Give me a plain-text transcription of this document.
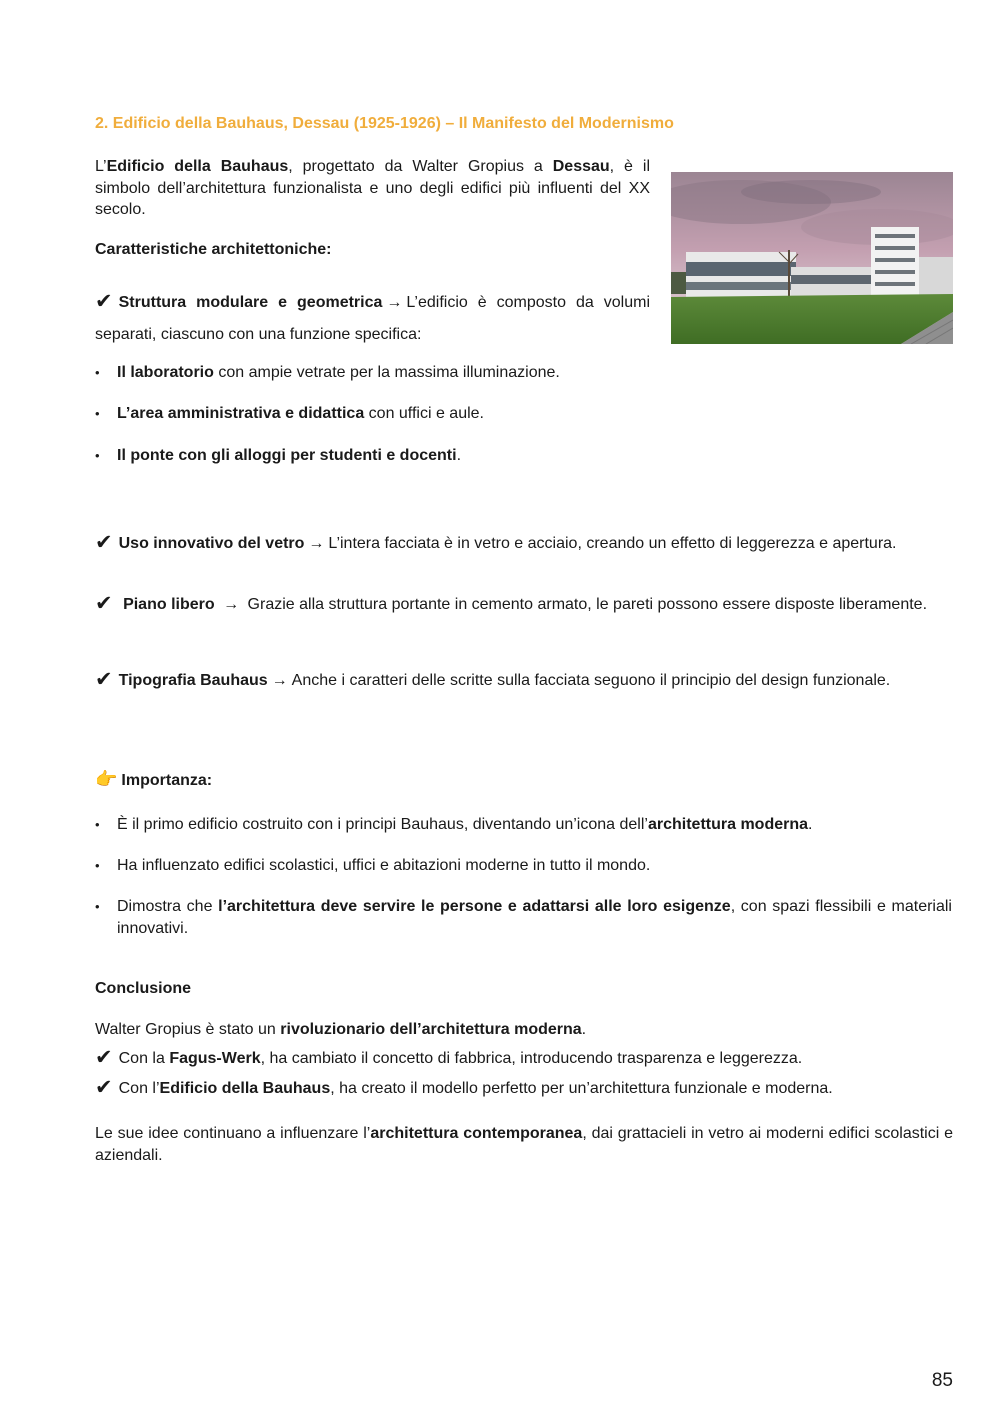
2. Edificio della Bauhaus, Dessau (1925-1926) – Il Manifesto del Modernismo
L’Edificio della Bauhaus, progettato da Walter Gropius a Dessau, è il simbolo dell’architettura funzionalista e uno degli edifici più influenti del XX secolo.
Caratteristiche architettoniche:
✔ Struttura modulare e geometrica → L’edificio è composto da volumi separati, ciascuno con una funzione specifica:
•	Il laboratorio con ampie vetrate per la massima illuminazione.
•	L’area amministrativa e didattica con uffici e aule.
•	Il ponte con gli alloggi per studenti e docenti.
✔ Uso innovativo del vetro → L’intera facciata è in vetro e acciaio, creando un effetto di leggerezza e apertura.
✔ Piano libero → Grazie alla struttura portante in cemento armato, le pareti possono essere disposte liberamente.
✔ Tipografia Bauhaus → Anche i caratteri delle scritte sulla facciata seguono il principio del design funzionale.
👉 Importanza:
•	È il primo edificio costruito con i principi Bauhaus, diventando un’icona dell’architettura moderna.
•	Ha influenzato edifici scolastici, uffici e abitazioni moderne in tutto il mondo.
•	Dimostra che l’architettura deve servire le persone e adattarsi alle loro esigenze, con spazi flessibili e materiali innovativi.
Conclusione
Walter Gropius è stato un rivoluzionario dell’architettura moderna.
✔ Con la Fagus-Werk, ha cambiato il concetto di fabbrica, introducendo trasparenza e leggerezza.
✔ Con l’Edificio della Bauhaus, ha creato il modello perfetto per un’architettura funzionale e moderna.
Le sue idee continuano a influenzare l’architettura contemporanea, dai grattacieli in vetro ai moderni edifici scolastici e aziendali.
85
